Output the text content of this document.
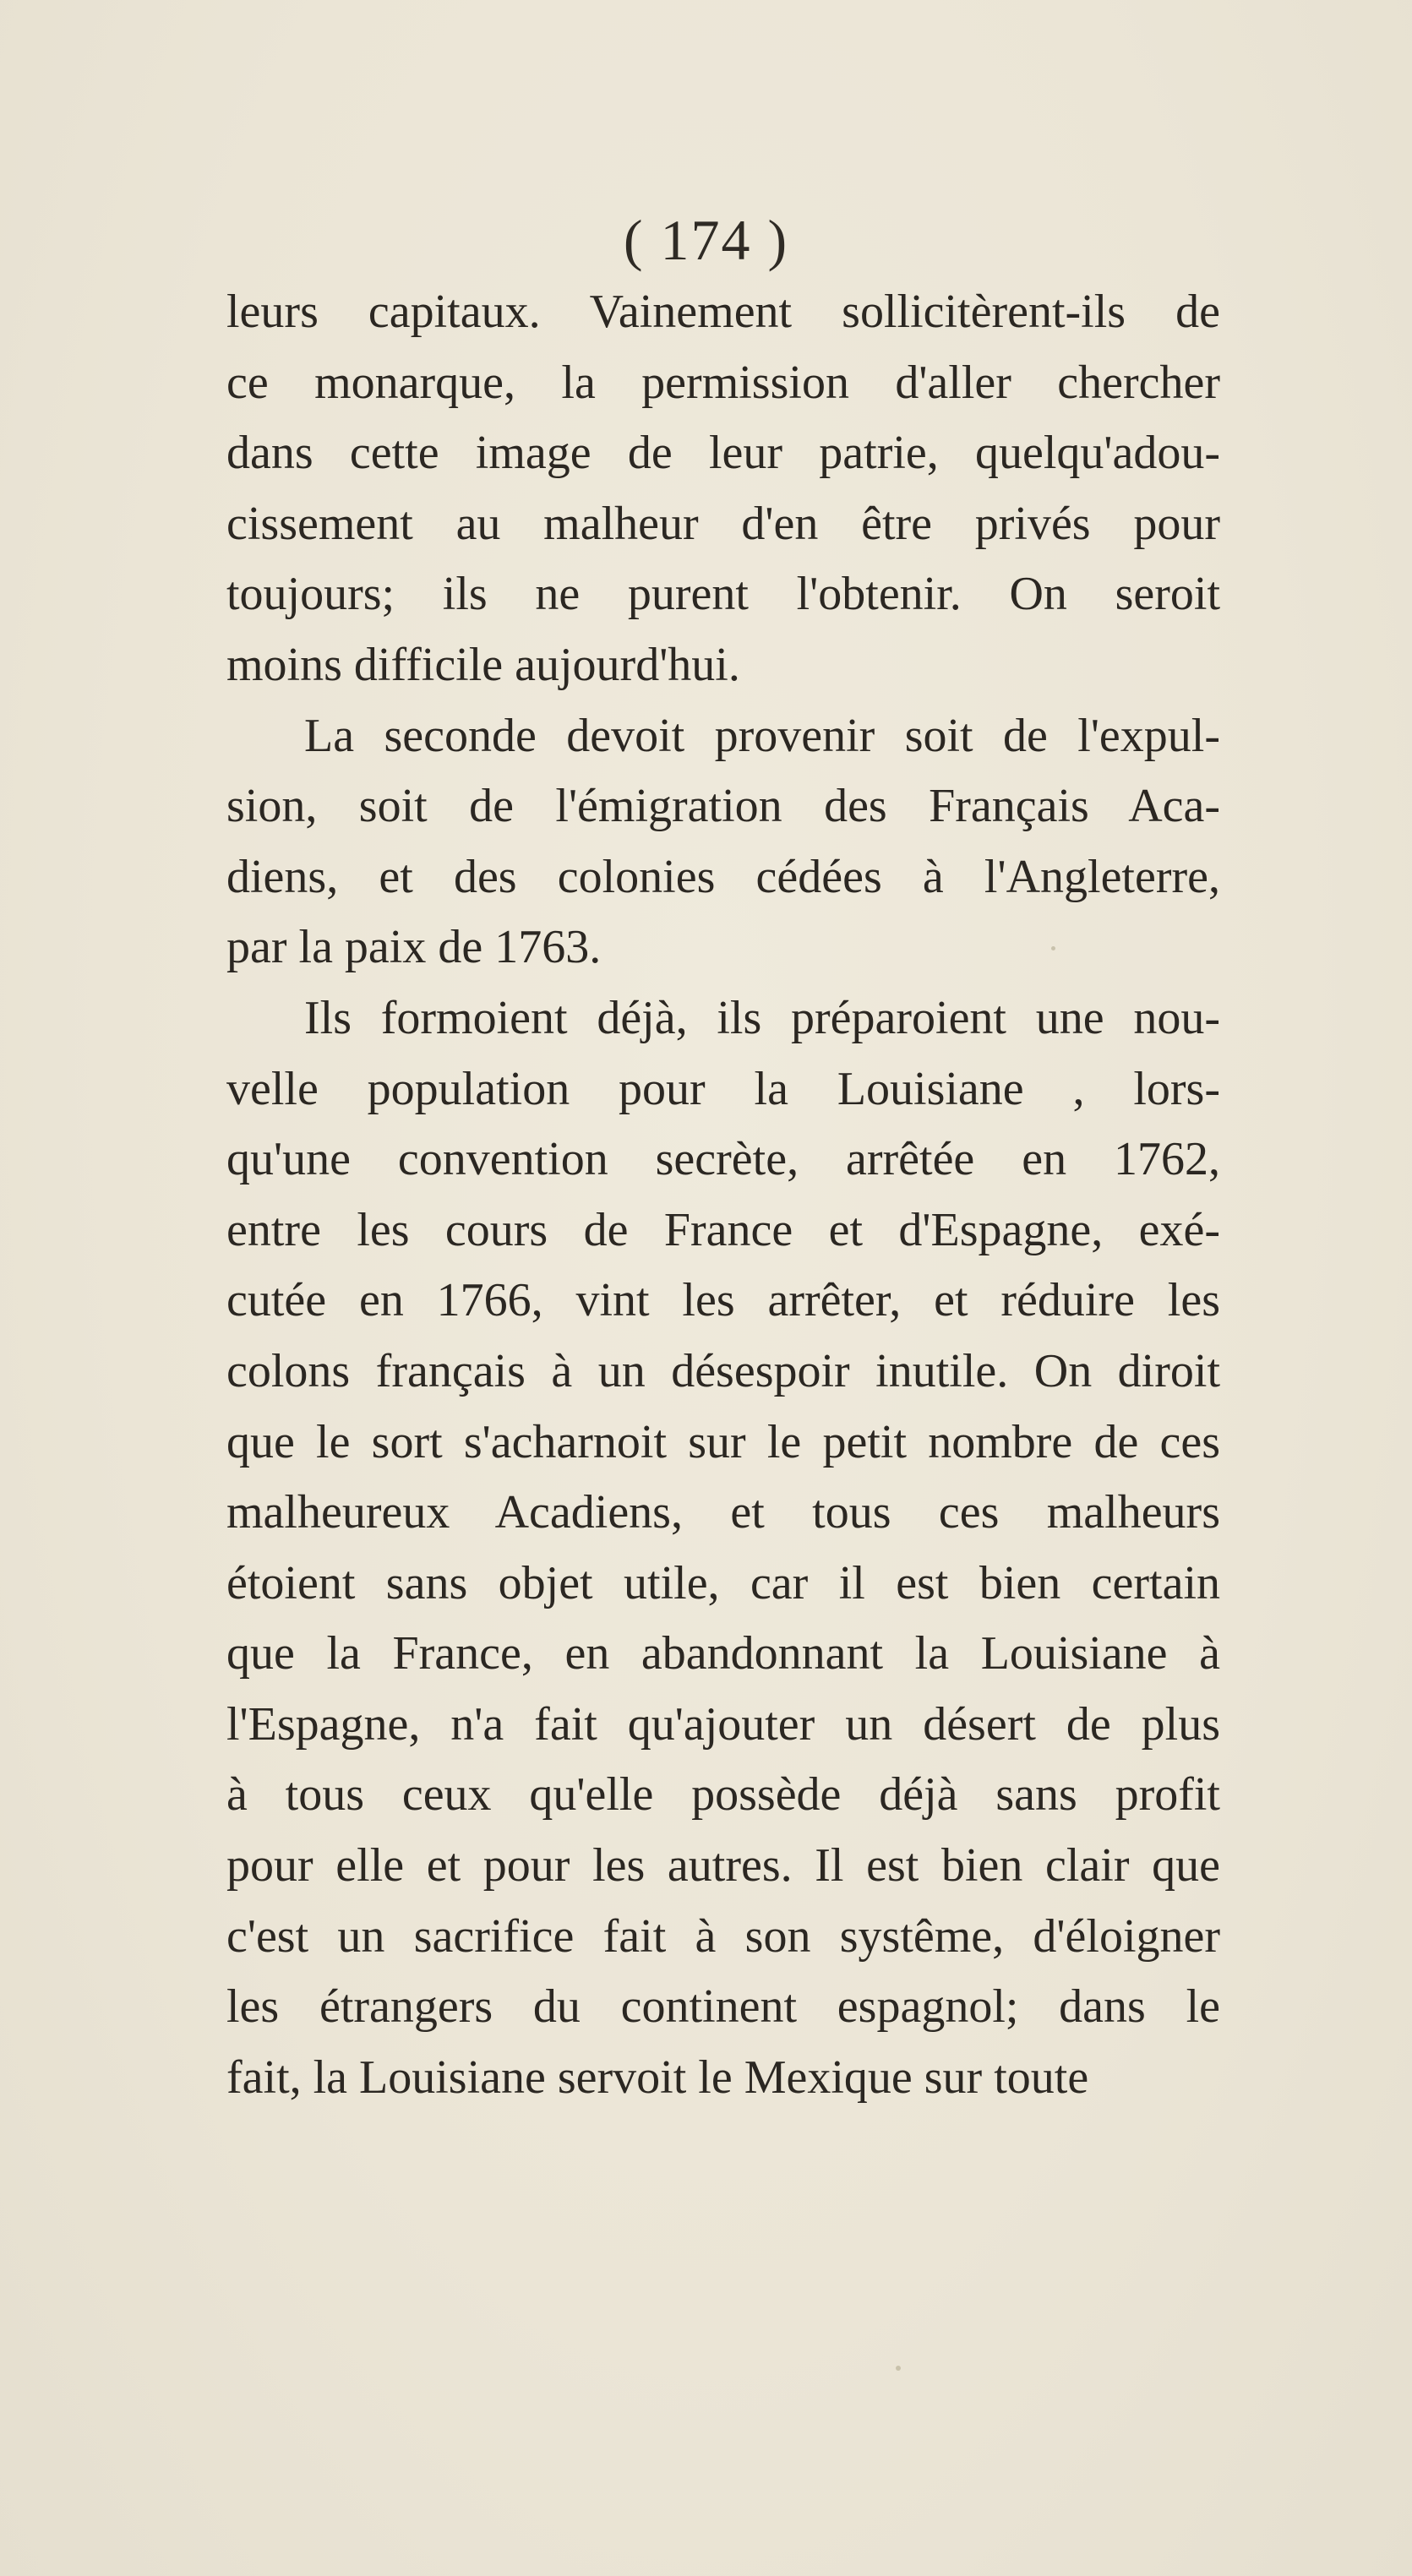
( 174 )
leurs capitaux. Vainement sollicitèrent-ils de
ce monarque, la permission d'aller chercher
dans cette image de leur patrie, quelqu'adou-
cissement au malheur d'en être privés pour
toujours; ils ne purent l'obtenir. On seroit
moins difficile aujourd'hui.
La seconde devoit provenir soit de l'expul-
sion, soit de l'émigration des Français Aca-
diens, et des colonies cédées à l'Angleterre,
par la paix de 1763.
Ils formoient déjà, ils préparoient une nou-
velle population pour la Louisiane , lors-
qu'une convention secrète, arrêtée en 1762,
entre les cours de France et d'Espagne, exé-
cutée en 1766, vint les arrêter, et réduire les
colons français à un désespoir inutile. On diroit
que le sort s'acharnoit sur le petit nombre de ces
malheureux Acadiens, et tous ces malheurs
étoient sans objet utile, car il est bien certain
que la France, en abandonnant la Louisiane à
l'Espagne, n'a fait qu'ajouter un désert de plus
à tous ceux qu'elle possède déjà sans profit
pour elle et pour les autres. Il est bien clair que
c'est un sacrifice fait à son systême, d'éloigner
les étrangers du continent espagnol; dans le
fait, la Louisiane servoit le Mexique sur toute
